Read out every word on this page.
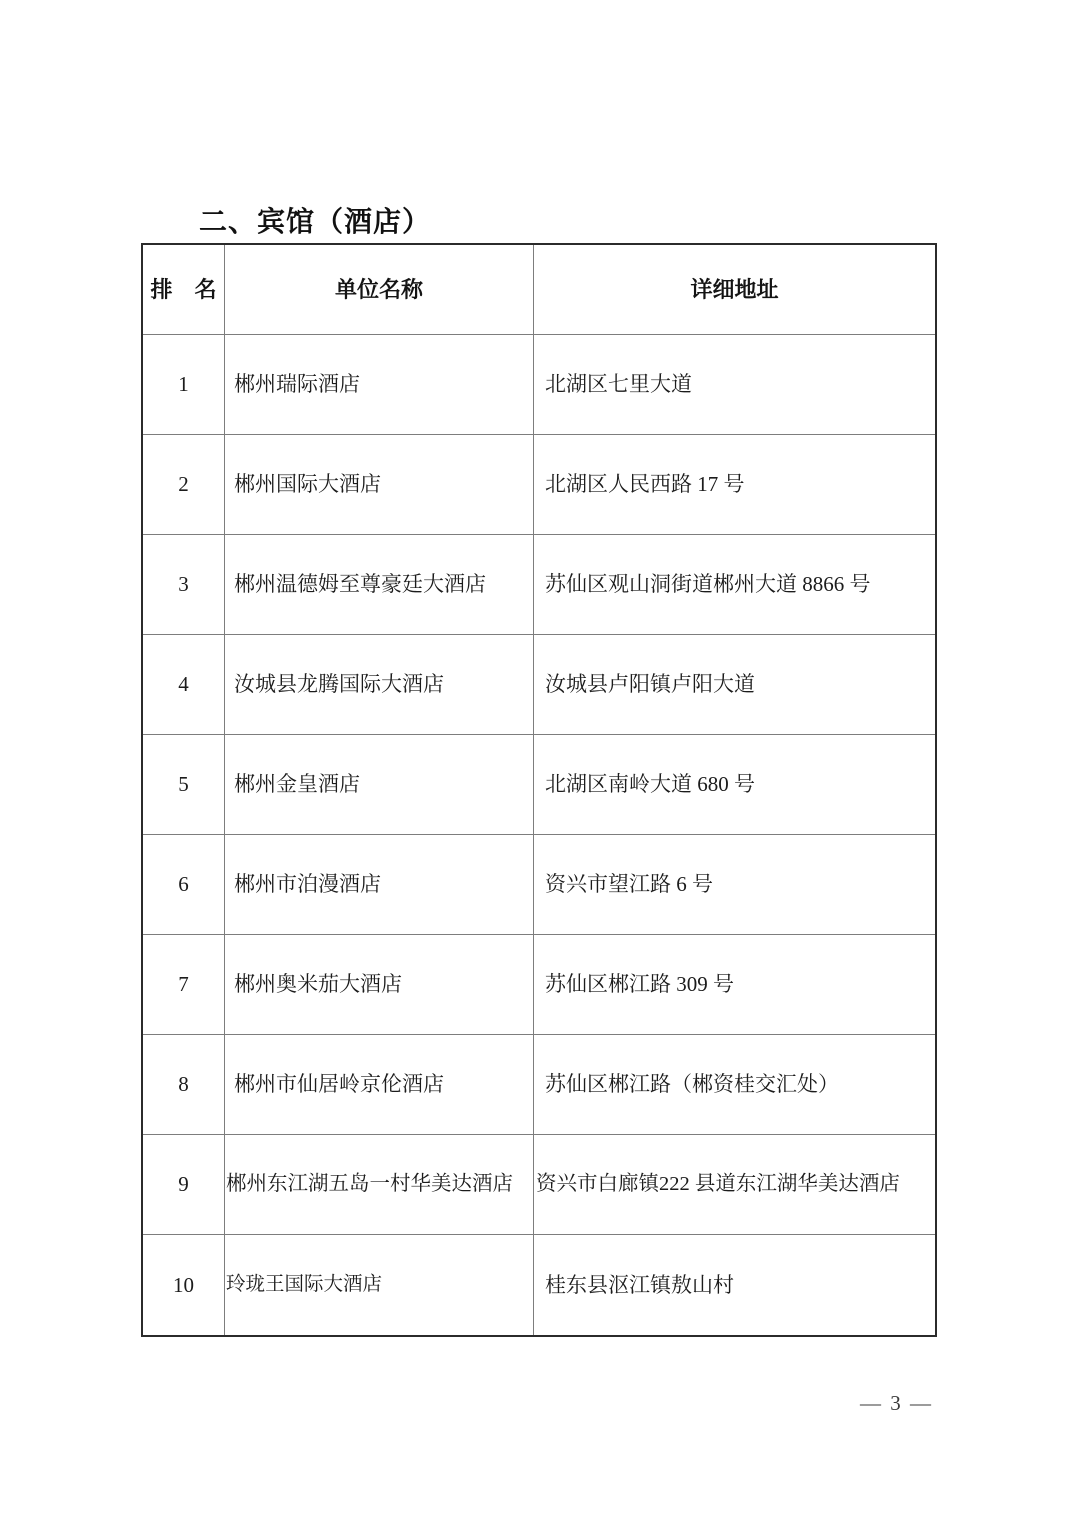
二、宾馆（酒店）
排　名	单位名称	详细地址
1	郴州瑞际酒店	北湖区七里大道
2	郴州国际大酒店	北湖区人民西路 17 号
3	郴州温德姆至尊豪廷大酒店	苏仙区观山洞街道郴州大道 8866 号
4	汝城县龙腾国际大酒店	汝城县卢阳镇卢阳大道
5	郴州金皇酒店	北湖区南岭大道 680 号
6	郴州市泊漫酒店	资兴市望江路 6 号
7	郴州奥米茄大酒店	苏仙区郴江路 309 号
8	郴州市仙居岭京伦酒店	苏仙区郴江路（郴资桂交汇处）
9	郴州东江湖五岛一村华美达酒店	资兴市白廊镇222 县道东江湖华美达酒店
10	玲珑王国际大酒店	桂东县沤江镇敖山村
— 3 —
